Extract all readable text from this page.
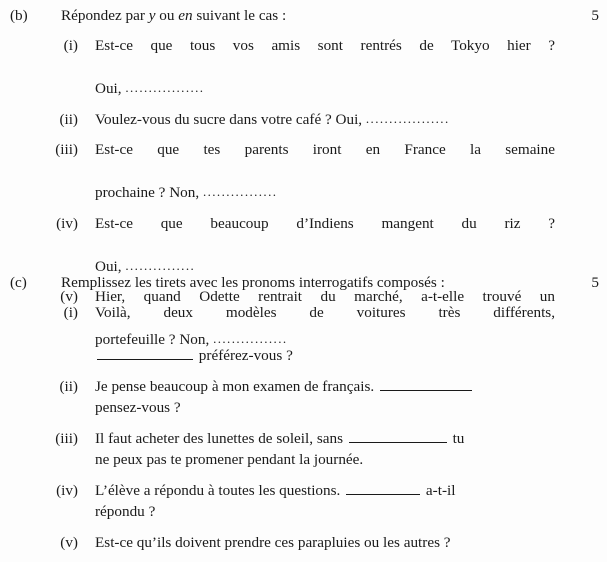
(b)	Répondez par y ou en suivant le cas :	5
(i) Est-ce que tous vos amis sont rentrés de Tokyo hier ?
Oui, .................
(ii) Voulez-vous du sucre dans votre café ? Oui, ..................
(iii) Est-ce que tes parents iront en France la semaine
prochaine ? Non, ................
(iv) Est-ce que beaucoup d’Indiens mangent du riz ?
Oui, ...............
(v) Hier, quand Odette rentrait du marché, a-t-elle trouvé un
portefeuille ? Non, ................
(c)	Remplissez les tirets avec les pronoms interrogatifs composés :	5
(i) Voilà, deux modèles de voitures très différents,
préférez-vous ?
(ii) Je pense beaucoup à mon examen de français.
pensez-vous ?
(iii) Il faut acheter des lunettes de soleil, sans	tu
ne peux pas te promener pendant la journée.
(iv) L’élève a répondu à toutes les questions.	a-t-il
répondu ?
(v) Est-ce qu’ils doivent prendre ces parapluies ou les autres ?
